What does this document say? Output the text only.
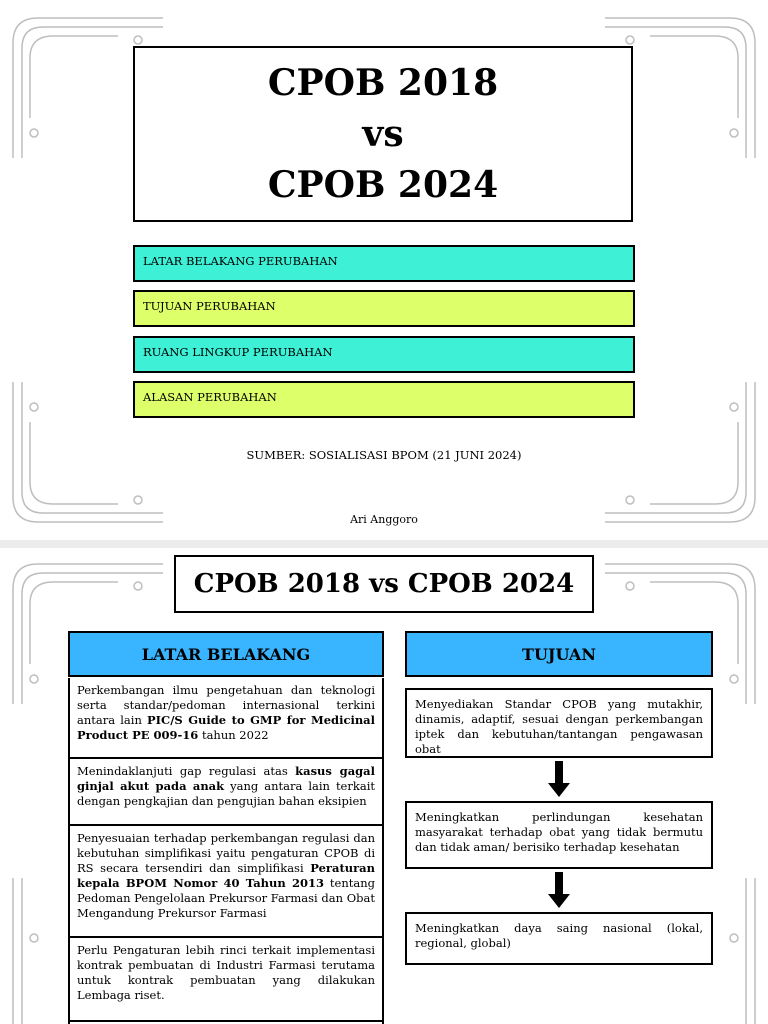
CPOB 2018
vs
CPOB 2024
LATAR BELAKANG PERUBAHAN
TUJUAN PERUBAHAN
RUANG LINGKUP PERUBAHAN
ALASAN PERUBAHAN
SUMBER: SOSIALISASI BPOM (21 JUNI 2024)
Ari Anggoro
CPOB 2018 vs CPOB 2024
LATAR BELAKANG
Perkembangan ilmu pengetahuan dan teknologi serta standar/pedoman internasional terkini antara lain PIC/S Guide to GMP for Medicinal Product PE 009-16 tahun 2022
Menindaklanjuti gap regulasi atas kasus gagal ginjal akut pada anak yang antara lain terkait dengan pengkajian dan pengujian bahan eksipien
Penyesuaian terhadap perkembangan regulasi dan kebutuhan simplifikasi yaitu pengaturan CPOB di RS secara tersendiri dan simplifikasi Peraturan kepala BPOM Nomor 40 Tahun 2013 tentang Pedoman Pengelolaan Prekursor Farmasi dan Obat Mengandung Prekursor Farmasi
Perlu Pengaturan lebih rinci terkait implementasi kontrak pembuatan di Industri Farmasi terutama untuk kontrak pembuatan yang dilakukan Lembaga riset.
TUJUAN
Menyediakan Standar CPOB yang mutakhir, dinamis, adaptif, sesuai dengan perkembangan iptek dan kebutuhan/tantangan pengawasan obat
Meningkatkan perlindungan kesehatan masyarakat terhadap obat yang tidak bermutu dan tidak aman/ berisiko terhadap kesehatan
Meningkatkan daya saing nasional (lokal, regional, global)
